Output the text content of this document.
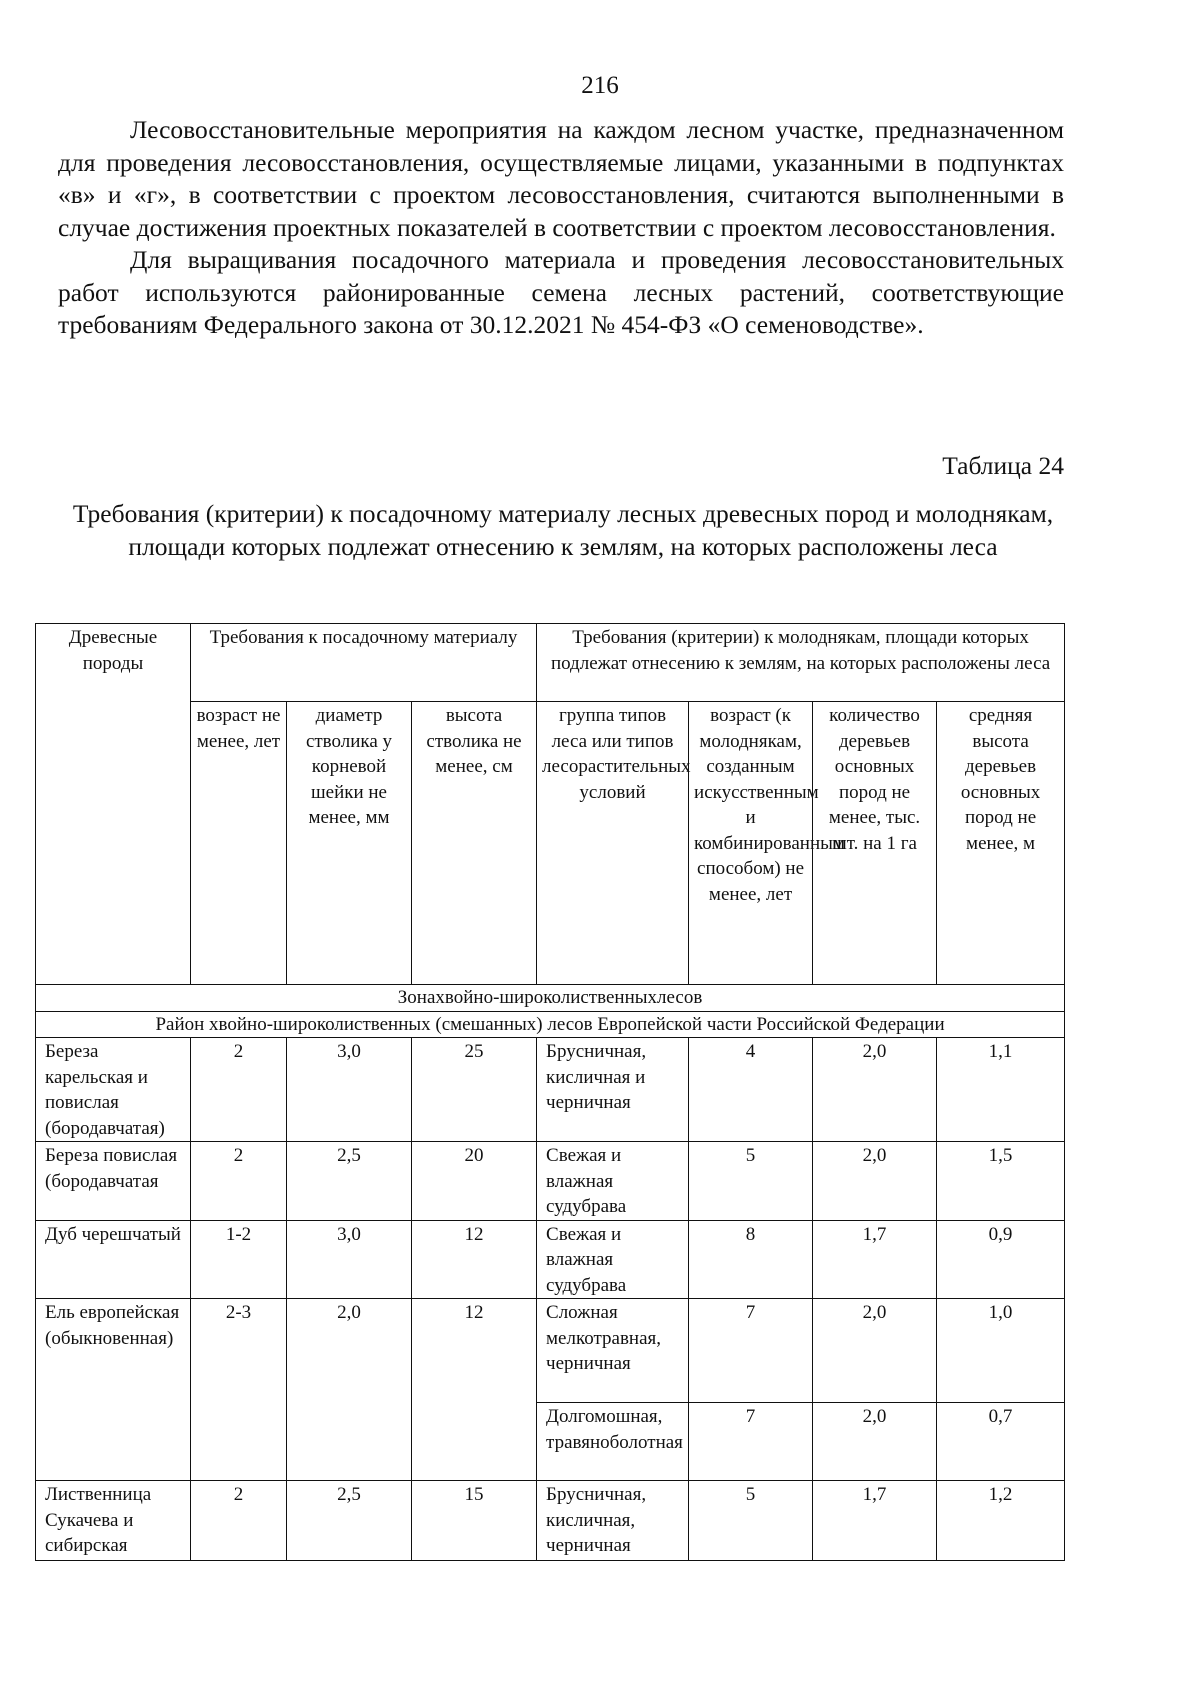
216

Лесовосстановительные мероприятия на каждом лесном участке, предназначенном для проведения лесовосстановления, осуществляемые лицами, указанными в подпунктах «в» и «г», в соответствии с проектом лесовосстановления, считаются выполненными в случае достижения проектных показателей в соответствии с проектом лесовосстановления.

Для выращивания посадочного материала и проведения лесовосстановительных работ используются районированные семена лесных растений, соответствующие требованиям Федерального закона от 30.12.2021 № 454-ФЗ «О семеноводстве».

Таблица 24
Требования (критерии) к посадочному материалу лесных древесных пород и молоднякам, площади которых подлежат отнесению к землям, на которых расположены леса
Древесные породы	Требования к посадочному материалу			Требования (критерии) к молоднякам, площади которых подлежат отнесению к землям, на которых расположены леса			
	возраст не менее, лет	диаметр стволика у корневой шейки не менее, мм	высота стволика не менее, см	группа типов леса или типов лесорастительных условий	возраст (к молоднякам, созданным искусственным и комбинированным способом) не менее, лет	количество деревьев основных пород не менее, тыс. шт. на 1 га	средняя высота деревьев основных пород не менее, м
Зонахвойно-широколиственныхлесов							
Район хвойно-широколиственных (смешанных) лесов Европейской части Российской Федерации							
Береза карельская и повислая (бородавчатая)	2	3,0	25	Брусничная, кисличная и черничная	4	2,0	1,1
Береза повислая (бородавчатая	2	2,5	20	Свежая и влажная судубрава	5	2,0	1,5
Дуб черешчатый	1-2	3,0	12	Свежая и влажная судубрава	8	1,7	0,9
Ель европейская (обыкновенная)	2-3	2,0	12	Сложная мелкотравная, черничная	7	2,0	1,0
				Долгомошная, травяноболотная	7	2,0	0,7
Лиственница Сукачева и сибирская	2	2,5	15	Брусничная, кисличная, черничная	5	1,7	1,2
